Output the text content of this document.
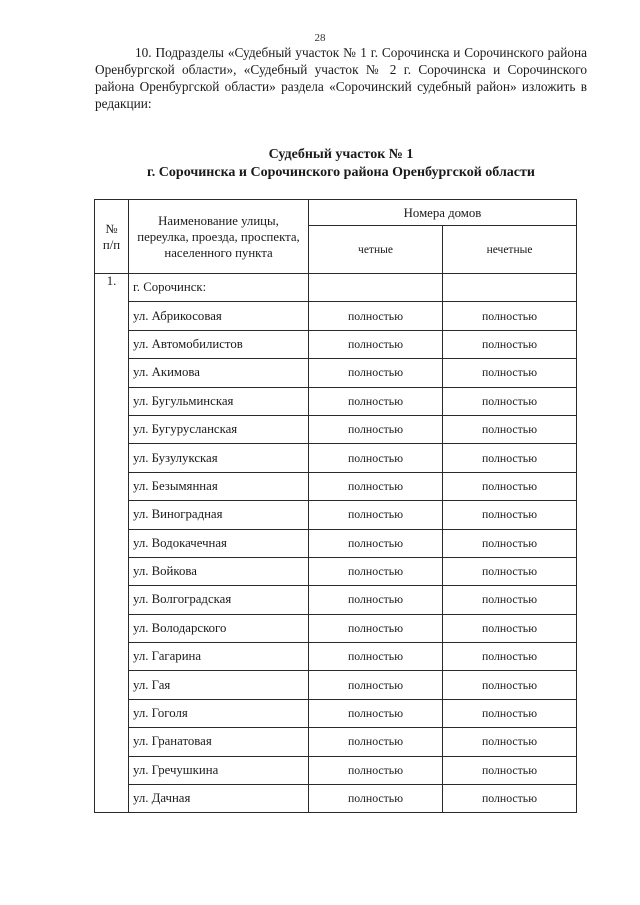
28

10. Подразделы «Судебный участок № 1 г. Сорочинска и Сорочинского района Оренбургской области», «Судебный участок № 2 г. Сорочинска и Сорочинского района Оренбургской области» раздела «Сорочинский судебный район» изложить в редакции:

Судебный участок № 1
г. Сорочинска и Сорочинского района Оренбургской области
№ п/п	Наименование улицы, переулка, проезда, проспекта, населенного пункта	Номера домов	
		четные	нечетные
1.	г. Сорочинск:		
	ул. Абрикосовая	полностью	полностью
	ул. Автомобилистов	полностью	полностью
	ул. Акимова	полностью	полностью
	ул. Бугульминская	полностью	полностью
	ул. Бугурусланская	полностью	полностью
	ул. Бузулукская	полностью	полностью
	ул. Безымянная	полностью	полностью
	ул. Виноградная	полностью	полностью
	ул. Водокачечная	полностью	полностью
	ул. Войкова	полностью	полностью
	ул. Волгоградская	полностью	полностью
	ул. Володарского	полностью	полностью
	ул. Гагарина	полностью	полностью
	ул. Гая	полностью	полностью
	ул. Гоголя	полностью	полностью
	ул. Гранатовая	полностью	полностью
	ул. Гречушкина	полностью	полностью
	ул. Дачная	полностью	полностью
